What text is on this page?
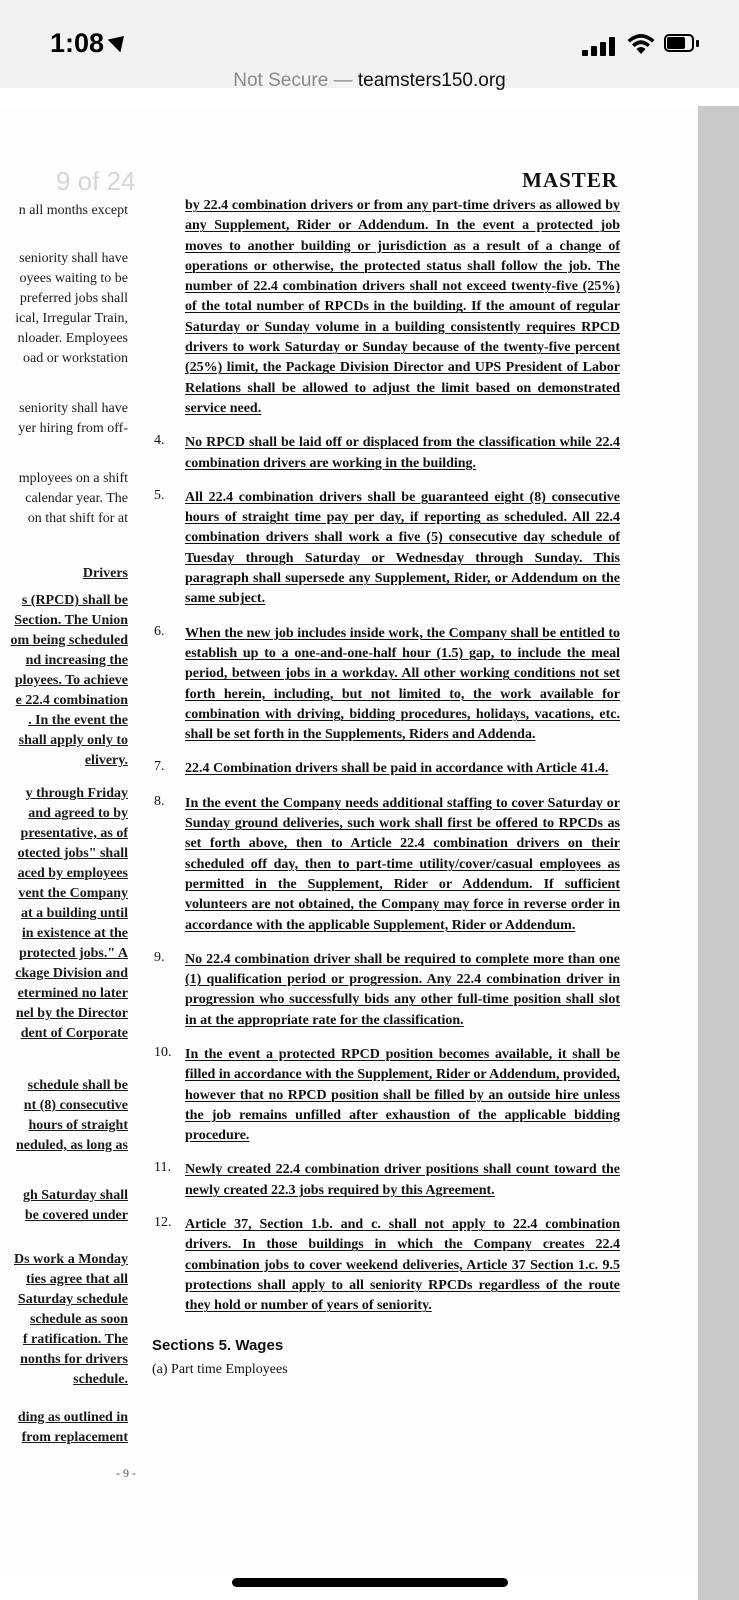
1:08
Not Secure — teamsters150.org
9 of 24	MASTER
n all months except
seniority shall have
oyees waiting to be
preferred jobs shall
ical, Irregular Train,
nloader. Employees
oad or workstation
seniority shall have
yer hiring from off-
mployees on a shift
calendar year. The
on that shift for at
Drivers
s (RPCD) shall be
Section. The Union
om being scheduled
nd increasing the
ployees. To achieve
e 22.4 combination
. In the event the
shall apply only to
elivery.
y through Friday
and agreed to by
presentative, as of
otected jobs" shall
aced by employees
vent the Company
at a building until
in existence at the
protected jobs." A
ckage Division and
etermined no later
nel by the Director
dent of Corporate
schedule shall be
nt (8) consecutive
hours of straight
neduled, as long as
gh Saturday shall
be covered under
Ds work a Monday
ties agree that all
Saturday schedule
schedule as soon
f ratification. The
nonths for drivers
schedule.
ding as outlined in
from replacement
by 22.4 combination drivers or from any part-time drivers as allowed by any Supplement, Rider or Addendum. In the event a protected job moves to another building or jurisdiction as a result of a change of operations or otherwise, the protected status shall follow the job. The number of 22.4 combination drivers shall not exceed twenty-five (25%) of the total number of RPCDs in the building. If the amount of regular Saturday or Sunday volume in a building consistently requires RPCD drivers to work Saturday or Sunday because of the twenty-five percent (25%) limit, the Package Division Director and UPS President of Labor Relations shall be allowed to adjust the limit based on demonstrated service need.
4. No RPCD shall be laid off or displaced from the classification while 22.4 combination drivers are working in the building.
5. All 22.4 combination drivers shall be guaranteed eight (8) consecutive hours of straight time pay per day, if reporting as scheduled. All 22.4 combination drivers shall work a five (5) consecutive day schedule of Tuesday through Saturday or Wednesday through Sunday. This paragraph shall supersede any Supplement, Rider, or Addendum on the same subject.
6. When the new job includes inside work, the Company shall be entitled to establish up to a one-and-one-half hour (1.5) gap, to include the meal period, between jobs in a workday. All other working conditions not set forth herein, including, but not limited to, the work available for combination with driving, bidding procedures, holidays, vacations, etc. shall be set forth in the Supplements, Riders and Addenda.
7. 22.4 Combination drivers shall be paid in accordance with Article 41.4.
8. In the event the Company needs additional staffing to cover Saturday or Sunday ground deliveries, such work shall first be offered to RPCDs as set forth above, then to Article 22.4 combination drivers on their scheduled off day, then to part-time utility/cover/casual employees as permitted in the Supplement, Rider or Addendum. If sufficient volunteers are not obtained, the Company may force in reverse order in accordance with the applicable Supplement, Rider or Addendum.
9. No 22.4 combination driver shall be required to complete more than one (1) qualification period or progression. Any 22.4 combination driver in progression who successfully bids any other full-time position shall slot in at the appropriate rate for the classification.
10. In the event a protected RPCD position becomes available, it shall be filled in accordance with the Supplement, Rider or Addendum, provided, however that no RPCD position shall be filled by an outside hire unless the job remains unfilled after exhaustion of the applicable bidding procedure.
11. Newly created 22.4 combination driver positions shall count toward the newly created 22.3 jobs required by this Agreement.
12. Article 37, Section 1.b. and c. shall not apply to 22.4 combination drivers. In those buildings in which the Company creates 22.4 combination jobs to cover weekend deliveries, Article 37 Section 1.c. 9.5 protections shall apply to all seniority RPCDs regardless of the route they hold or number of years of seniority.
Sections 5. Wages
(a) Part time Employees
- 9 -
